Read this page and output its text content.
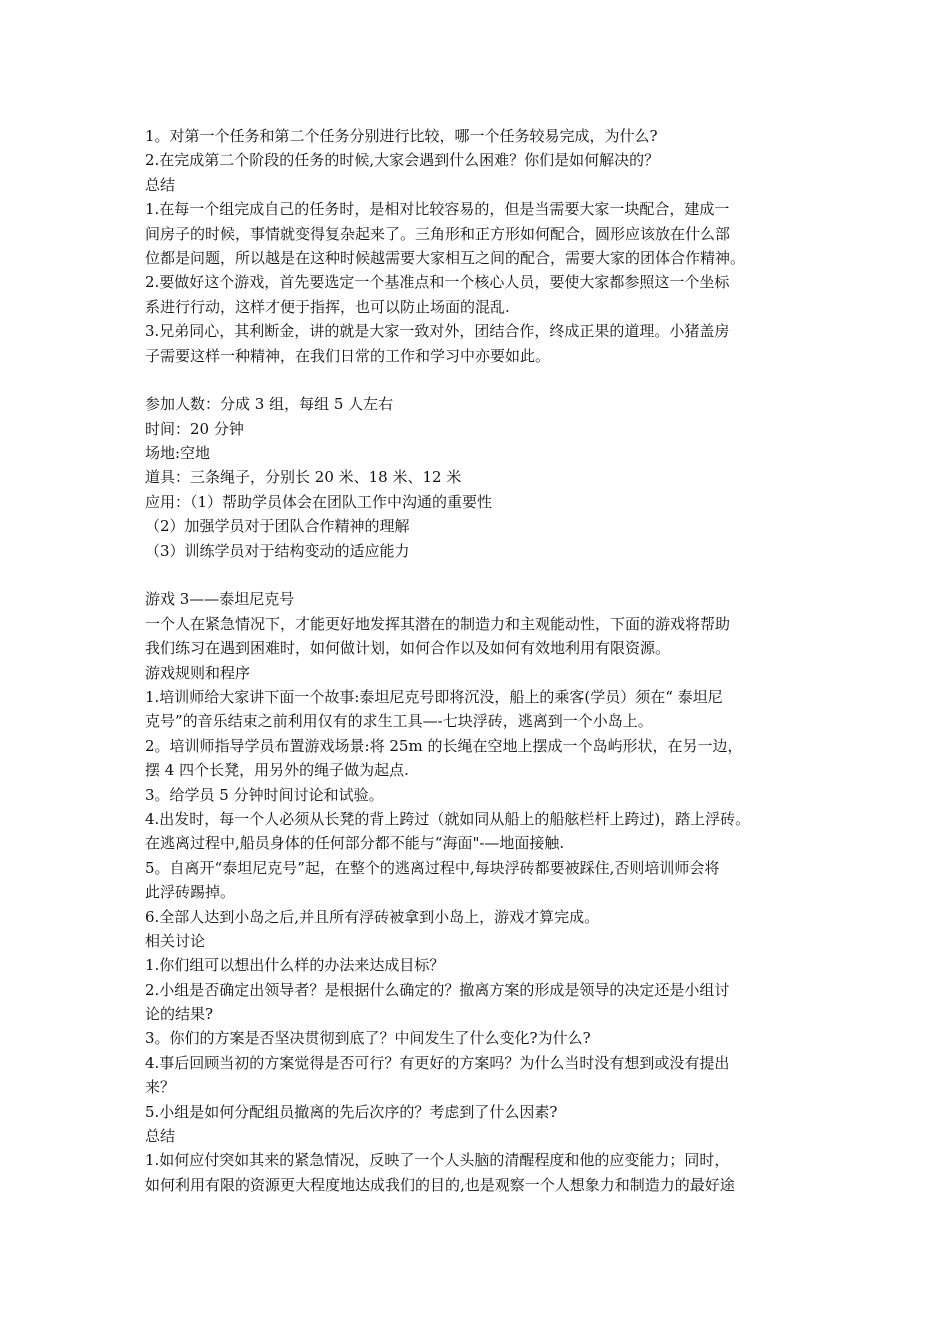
1。对第一个任务和第二个任务分别进行比较，哪一个任务较易完成，为什么?
2.在完成第二个阶段的任务的时候,大家会遇到什么困难？你们是如何解决的？
总结
1.在每一个组完成自己的任务时，是相对比较容易的，但是当需要大家一块配合，建成一
间房子的时候，事情就变得复杂起来了。三角形和正方形如何配合，圆形应该放在什么部
位都是问题，所以越是在这种时候越需要大家相互之间的配合，需要大家的团体合作精神。
2.要做好这个游戏，首先要选定一个基准点和一个核心人员，要使大家都参照这一个坐标
系进行行动，这样才便于指挥，也可以防止场面的混乱.
3.兄弟同心，其利断金，讲的就是大家一致对外，团结合作，终成正果的道理。小猪盖房
子需要这样一种精神，在我们日常的工作和学习中亦要如此。
参加人数：分成 3 组，每组 5 人左右
时间：20 分钟
场地:空地
道具：三条绳子，分别长 20 米、18 米、12 米
应用：（1）帮助学员体会在团队工作中沟通的重要性
（2）加强学员对于团队合作精神的理解
（3）训练学员对于结构变动的适应能力
游戏 3——泰坦尼克号
一个人在紧急情况下，才能更好地发挥其潜在的制造力和主观能动性，下面的游戏将帮助
我们练习在遇到困难时，如何做计划，如何合作以及如何有效地利用有限资源。
游戏规则和程序
1.培训师给大家讲下面一个故事:泰坦尼克号即将沉没，船上的乘客(学员）须在“ 泰坦尼
克号”的音乐结束之前利用仅有的求生工具—-七块浮砖，逃离到一个小岛上。
2。培训师指导学员布置游戏场景:将 25m 的长绳在空地上摆成一个岛屿形状，在另一边，
摆 4 四个长凳，用另外的绳子做为起点.
3。给学员 5 分钟时间讨论和试验。
4.出发时，每一个人必须从长凳的背上跨过（就如同从船上的船舷栏杆上跨过)，踏上浮砖。
在逃离过程中,船员身体的任何部分都不能与“海面"-—地面接触.
5。自离开“泰坦尼克号”起，在整个的逃离过程中,每块浮砖都要被踩住,否则培训师会将
此浮砖踢掉。
6.全部人达到小岛之后,并且所有浮砖被拿到小岛上，游戏才算完成。
相关讨论
1.你们组可以想出什么样的办法来达成目标？
2.小组是否确定出领导者？是根据什么确定的？撤离方案的形成是领导的决定还是小组讨
论的结果?
3。你们的方案是否坚决贯彻到底了？中间发生了什么变化?为什么?
4.事后回顾当初的方案觉得是否可行？有更好的方案吗？为什么当时没有想到或没有提出
来？
5.小组是如何分配组员撤离的先后次序的？考虑到了什么因素?
总结
1.如何应付突如其来的紧急情况，反映了一个人头脑的清醒程度和他的应变能力；同时，
如何利用有限的资源更大程度地达成我们的目的,也是观察一个人想象力和制造力的最好途
